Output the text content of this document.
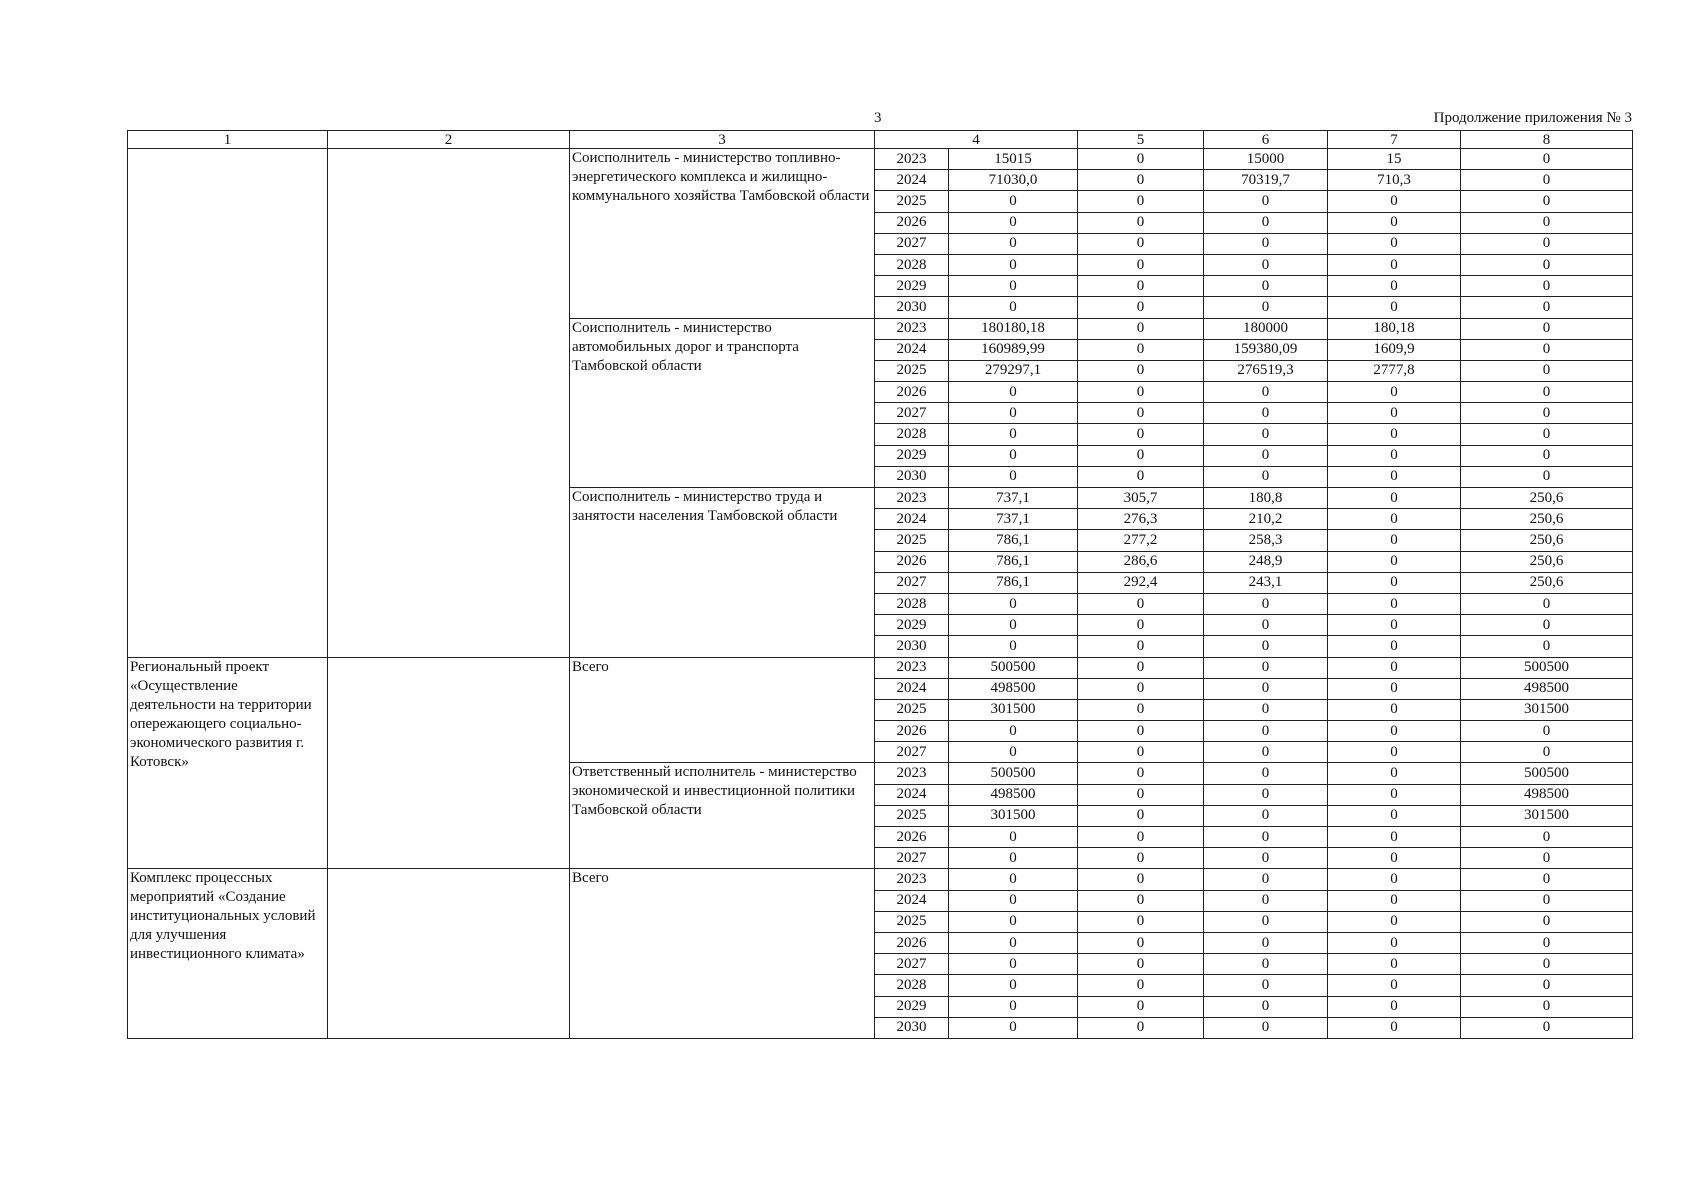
3	Продолжение приложения № 3
1	2	3	4		5	6	7	8
		Соисполнитель - министерство топливно-энергетического комплекса и жилищно-коммунального хозяйства Тамбовской области	2023	15015	0	15000	15	0
			2024	71030,0	0	70319,7	710,3	0
			2025	0	0	0	0	0
			2026	0	0	0	0	0
			2027	0	0	0	0	0
			2028	0	0	0	0	0
			2029	0	0	0	0	0
			2030	0	0	0	0	0
		Соисполнитель - министерство автомобильных дорог и транспорта Тамбовской области	2023	180180,18	0	180000	180,18	0
			2024	160989,99	0	159380,09	1609,9	0
			2025	279297,1	0	276519,3	2777,8	0
			2026	0	0	0	0	0
			2027	0	0	0	0	0
			2028	0	0	0	0	0
			2029	0	0	0	0	0
			2030	0	0	0	0	0
		Соисполнитель - министерство труда и занятости населения Тамбовской области	2023	737,1	305,7	180,8	0	250,6
			2024	737,1	276,3	210,2	0	250,6
			2025	786,1	277,2	258,3	0	250,6
			2026	786,1	286,6	248,9	0	250,6
			2027	786,1	292,4	243,1	0	250,6
			2028	0	0	0	0	0
			2029	0	0	0	0	0
			2030	0	0	0	0	0
Региональный проект «Осуществление деятельности на территории опережающего социально-экономического развития г. Котовск»		Всего	2023	500500	0	0	0	500500
			2024	498500	0	0	0	498500
			2025	301500	0	0	0	301500
			2026	0	0	0	0	0
			2027	0	0	0	0	0
		Ответственный исполнитель - министерство экономической и инвестиционной политики Тамбовской области	2023	500500	0	0	0	500500
			2024	498500	0	0	0	498500
			2025	301500	0	0	0	301500
			2026	0	0	0	0	0
			2027	0	0	0	0	0
Комплекс процессных мероприятий «Создание институциональных условий для улучшения инвестиционного климата»		Всего	2023	0	0	0	0	0
			2024	0	0	0	0	0
			2025	0	0	0	0	0
			2026	0	0	0	0	0
			2027	0	0	0	0	0
			2028	0	0	0	0	0
			2029	0	0	0	0	0
			2030	0	0	0	0	0
